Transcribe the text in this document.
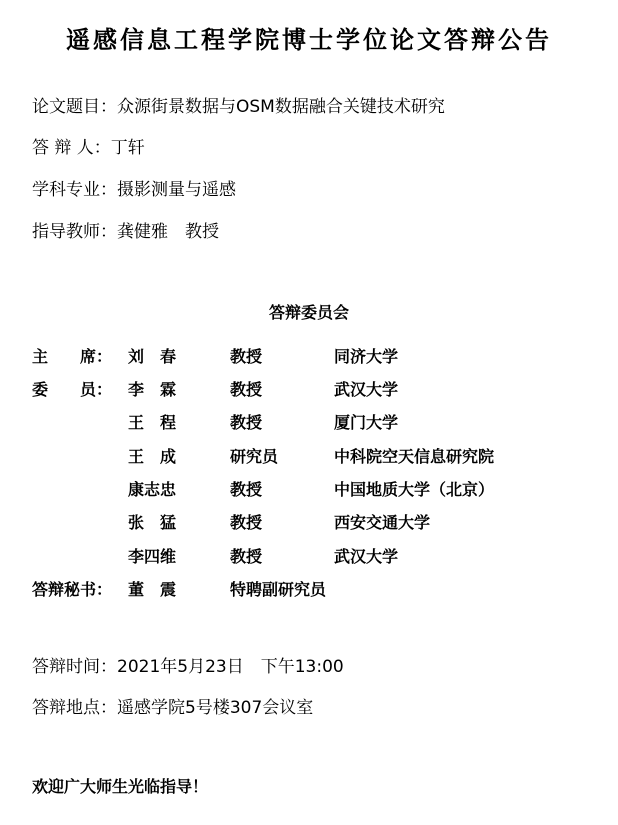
遥感信息工程学院博士学位论文答辩公告
论文题目：众源街景数据与OSM数据融合关键技术研究
答 辩 人：丁轩
学科专业：摄影测量与遥感
指导教师：龚健雅　教授
答辩委员会
主　　席： 刘　春	教授	同济大学
委　　员： 李　霖	教授	武汉大学
王　程	教授	厦门大学
王　成	研究员	中科院空天信息研究院
康志忠	教授	中国地质大学（北京）
张　猛	教授	西安交通大学
李四维	教授	武汉大学
答辩秘书： 董　震	特聘副研究员
答辩时间：2021年5月23日　下午13:00
答辩地点：遥感学院5号楼307会议室
欢迎广大师生光临指导！
